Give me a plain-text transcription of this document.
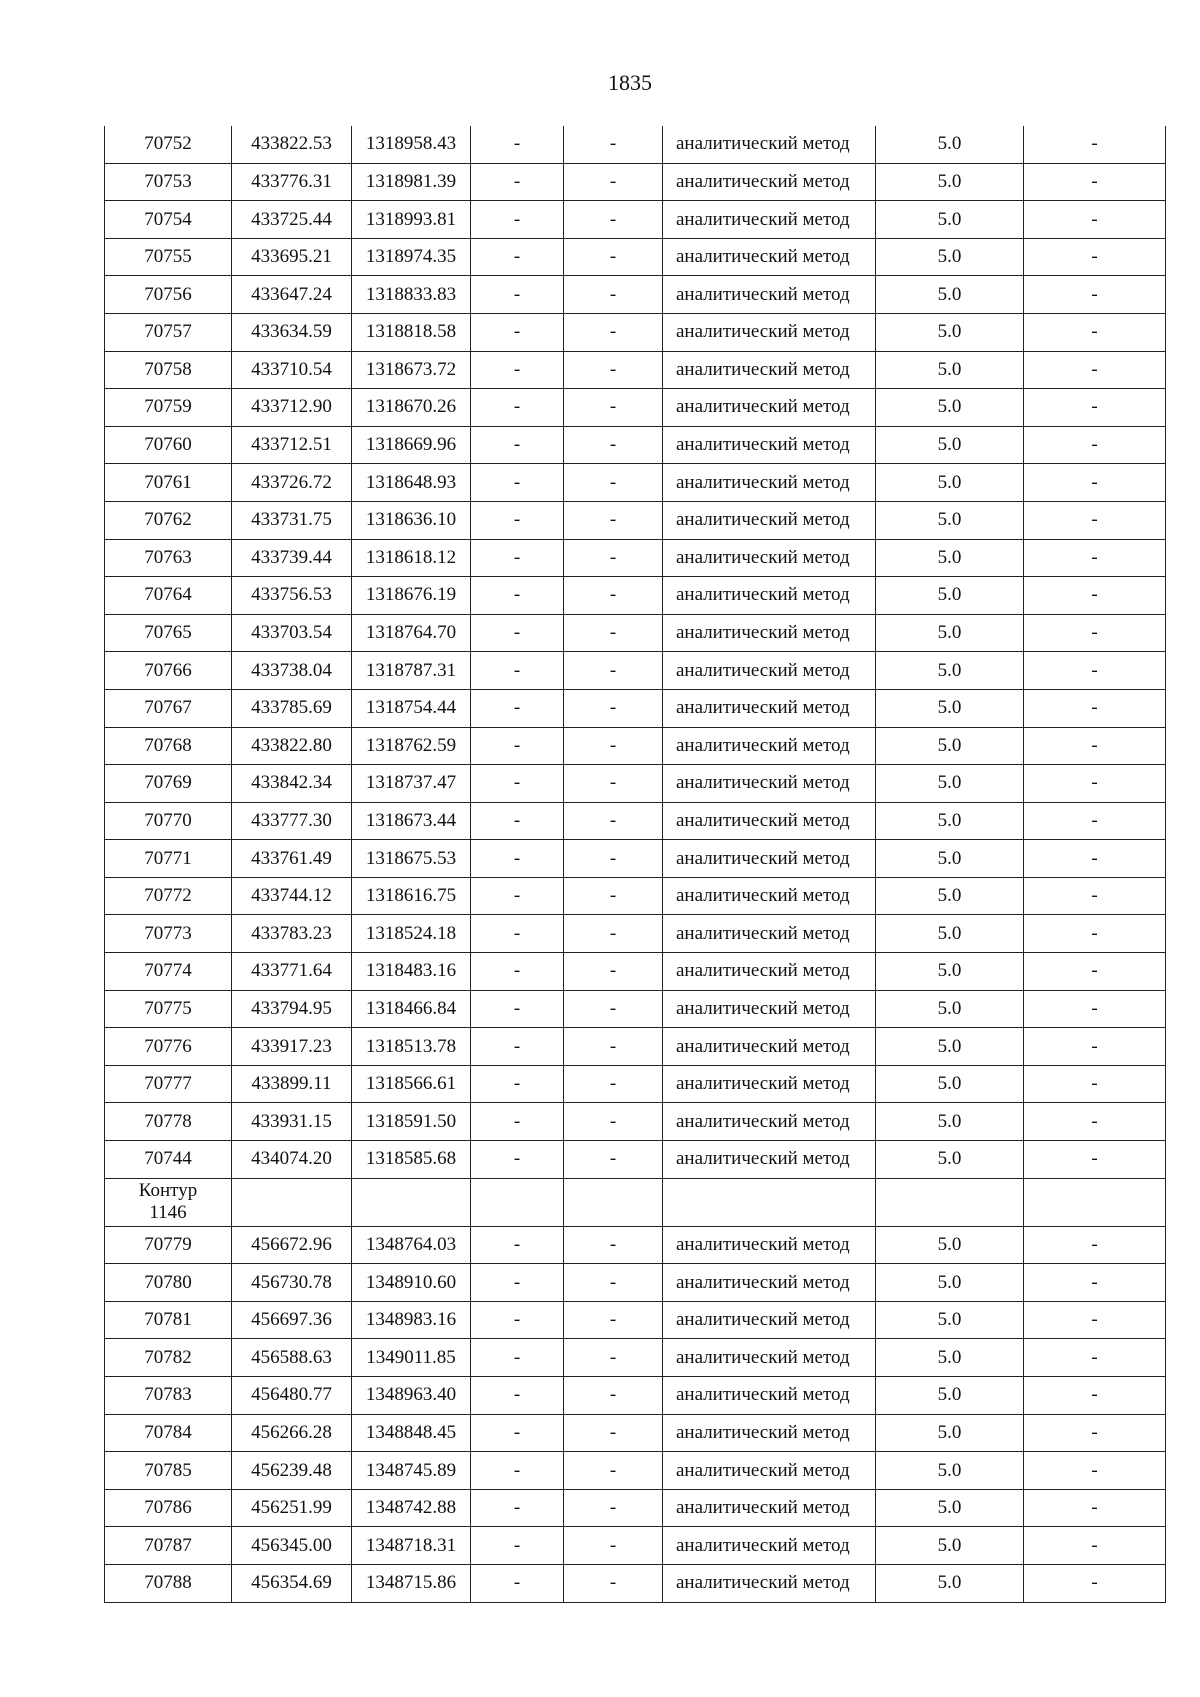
1835
70752	433822.53	1318958.43	-	-	аналитический метод	5.0	-
70753	433776.31	1318981.39	-	-	аналитический метод	5.0	-
70754	433725.44	1318993.81	-	-	аналитический метод	5.0	-
70755	433695.21	1318974.35	-	-	аналитический метод	5.0	-
70756	433647.24	1318833.83	-	-	аналитический метод	5.0	-
70757	433634.59	1318818.58	-	-	аналитический метод	5.0	-
70758	433710.54	1318673.72	-	-	аналитический метод	5.0	-
70759	433712.90	1318670.26	-	-	аналитический метод	5.0	-
70760	433712.51	1318669.96	-	-	аналитический метод	5.0	-
70761	433726.72	1318648.93	-	-	аналитический метод	5.0	-
70762	433731.75	1318636.10	-	-	аналитический метод	5.0	-
70763	433739.44	1318618.12	-	-	аналитический метод	5.0	-
70764	433756.53	1318676.19	-	-	аналитический метод	5.0	-
70765	433703.54	1318764.70	-	-	аналитический метод	5.0	-
70766	433738.04	1318787.31	-	-	аналитический метод	5.0	-
70767	433785.69	1318754.44	-	-	аналитический метод	5.0	-
70768	433822.80	1318762.59	-	-	аналитический метод	5.0	-
70769	433842.34	1318737.47	-	-	аналитический метод	5.0	-
70770	433777.30	1318673.44	-	-	аналитический метод	5.0	-
70771	433761.49	1318675.53	-	-	аналитический метод	5.0	-
70772	433744.12	1318616.75	-	-	аналитический метод	5.0	-
70773	433783.23	1318524.18	-	-	аналитический метод	5.0	-
70774	433771.64	1318483.16	-	-	аналитический метод	5.0	-
70775	433794.95	1318466.84	-	-	аналитический метод	5.0	-
70776	433917.23	1318513.78	-	-	аналитический метод	5.0	-
70777	433899.11	1318566.61	-	-	аналитический метод	5.0	-
70778	433931.15	1318591.50	-	-	аналитический метод	5.0	-
70744	434074.20	1318585.68	-	-	аналитический метод	5.0	-
Контур
1146							
70779	456672.96	1348764.03	-	-	аналитический метод	5.0	-
70780	456730.78	1348910.60	-	-	аналитический метод	5.0	-
70781	456697.36	1348983.16	-	-	аналитический метод	5.0	-
70782	456588.63	1349011.85	-	-	аналитический метод	5.0	-
70783	456480.77	1348963.40	-	-	аналитический метод	5.0	-
70784	456266.28	1348848.45	-	-	аналитический метод	5.0	-
70785	456239.48	1348745.89	-	-	аналитический метод	5.0	-
70786	456251.99	1348742.88	-	-	аналитический метод	5.0	-
70787	456345.00	1348718.31	-	-	аналитический метод	5.0	-
70788	456354.69	1348715.86	-	-	аналитический метод	5.0	-
